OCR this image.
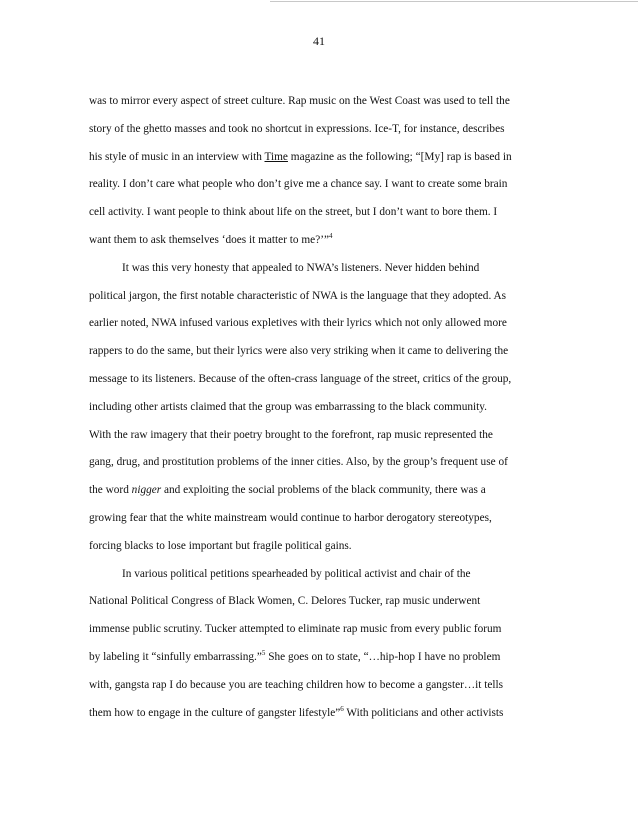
41
was to mirror every aspect of street culture. Rap music on the West Coast was used to tell the
story of the ghetto masses and took no shortcut in expressions. Ice-T, for instance, describes
his style of music in an interview with Time magazine as the following; “[My] rap is based in
reality. I don’t care what people who don’t give me a chance say. I want to create some brain
cell activity. I want people to think about life on the street, but I don’t want to bore them. I
want them to ask themselves ‘does it matter to me?’”$^4$
It was this very honesty that appealed to NWA’s listeners. Never hidden behind
political jargon, the first notable characteristic of NWA is the language that they adopted. As
earlier noted, NWA infused various expletives with their lyrics which not only allowed more
rappers to do the same, but their lyrics were also very striking when it came to delivering the
message to its listeners. Because of the often-crass language of the street, critics of the group,
including other artists claimed that the group was embarrassing to the black community.
With the raw imagery that their poetry brought to the forefront, rap music represented the
gang, drug, and prostitution problems of the inner cities. Also, by the group’s frequent use of
the word nigger and exploiting the social problems of the black community, there was a
growing fear that the white mainstream would continue to harbor derogatory stereotypes,
forcing blacks to lose important but fragile political gains.
In various political petitions spearheaded by political activist and chair of the
National Political Congress of Black Women, C. Delores Tucker, rap music underwent
immense public scrutiny. Tucker attempted to eliminate rap music from every public forum
by labeling it “sinfully embarrassing.”$^5$ She goes on to state, “…hip-hop I have no problem
with, gangsta rap I do because you are teaching children how to become a gangster…it tells
them how to engage in the culture of gangster lifestyle”$^6$ With politicians and other activists
